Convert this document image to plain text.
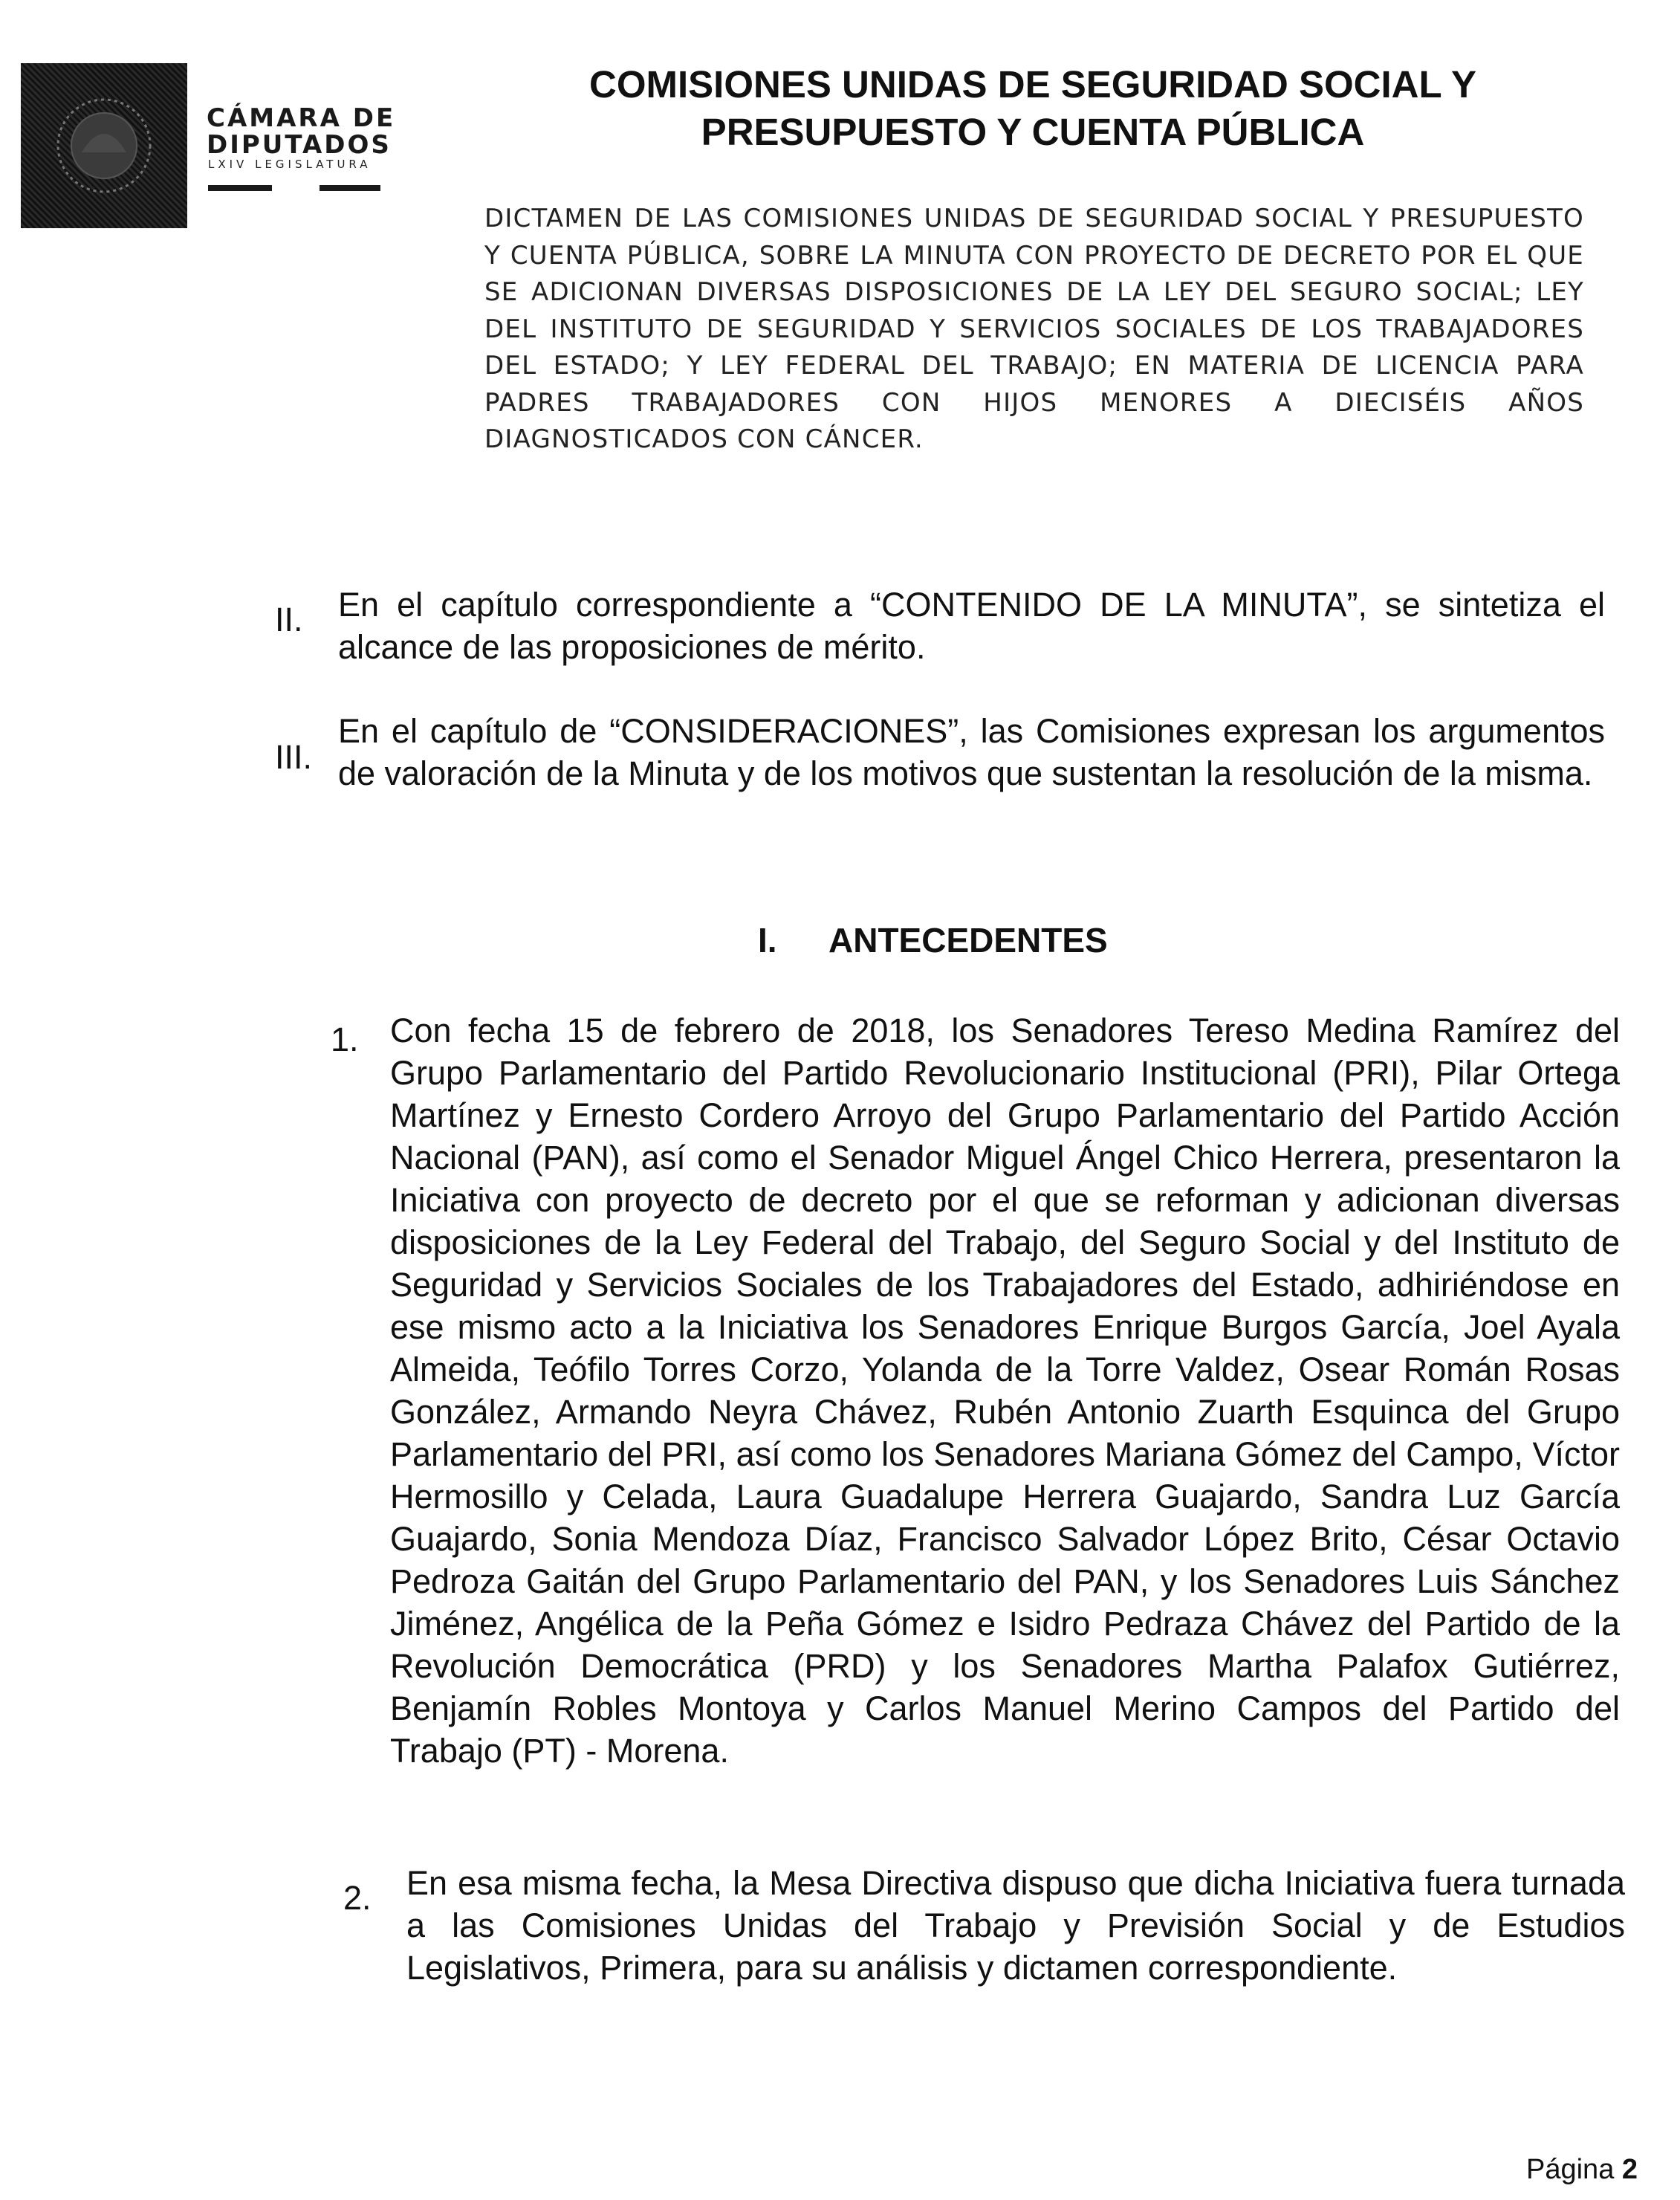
CÁMARA DE
DIPUTADOS
LXIV LEGISLATURA
COMISIONES UNIDAS DE SEGURIDAD SOCIAL Y
PRESUPUESTO Y CUENTA PÚBLICA
DICTAMEN DE LAS COMISIONES UNIDAS DE SEGURIDAD SOCIAL Y PRESUPUESTO Y CUENTA PÚBLICA, SOBRE LA MINUTA CON PROYECTO DE DECRETO POR EL QUE SE ADICIONAN DIVERSAS DISPOSICIONES DE LA LEY DEL SEGURO SOCIAL; LEY DEL INSTITUTO DE SEGURIDAD Y SERVICIOS SOCIALES DE LOS TRABAJADORES DEL ESTADO; Y LEY FEDERAL DEL TRABAJO; EN MATERIA DE LICENCIA PARA PADRES TRABAJADORES CON HIJOS MENORES A DIECISÉIS AÑOS DIAGNOSTICADOS CON CÁNCER.
II. En el capítulo correspondiente a “CONTENIDO DE LA MINUTA”, se sintetiza el alcance de las proposiciones de mérito.
III.
En el capítulo de “CONSIDERACIONES”, las Comisiones expresan los argumentos de valoración de la Minuta y de los motivos que sustentan la resolución de la misma.
I. ANTECEDENTES
1. Con fecha 15 de febrero de 2018, los Senadores Tereso Medina Ramírez del Grupo Parlamentario del Partido Revolucionario Institucional (PRI), Pilar Ortega Martínez y Ernesto Cordero Arroyo del Grupo Parlamentario del Partido Acción Nacional (PAN), así como el Senador Miguel Ángel Chico Herrera, presentaron la Iniciativa con proyecto de decreto por el que se reforman y adicionan diversas disposiciones de la Ley Federal del Trabajo, del Seguro Social y del Instituto de Seguridad y Servicios Sociales de los Trabajadores del Estado, adhiriéndose en ese mismo acto a la Iniciativa los Senadores Enrique Burgos García, Joel Ayala Almeida, Teófilo Torres Corzo, Yolanda de la Torre Valdez, Osear Román Rosas González, Armando Neyra Chávez, Rubén Antonio Zuarth Esquinca del Grupo Parlamentario del PRI, así como los Senadores Mariana Gómez del Campo, Víctor Hermosillo y Celada, Laura Guadalupe Herrera Guajardo, Sandra Luz García Guajardo, Sonia Mendoza Díaz, Francisco Salvador López Brito, César Octavio Pedroza Gaitán del Grupo Parlamentario del PAN, y los Senadores Luis Sánchez Jiménez, Angélica de la Peña Gómez e Isidro Pedraza Chávez del Partido de la Revolución Democrática (PRD) y los Senadores Martha Palafox Gutiérrez, Benjamín Robles Montoya y Carlos Manuel Merino Campos del Partido del Trabajo (PT) - Morena.
2. En esa misma fecha, la Mesa Directiva dispuso que dicha Iniciativa fuera turnada a las Comisiones Unidas del Trabajo y Previsión Social y de Estudios Legislativos, Primera, para su análisis y dictamen correspondiente.
Página 2
